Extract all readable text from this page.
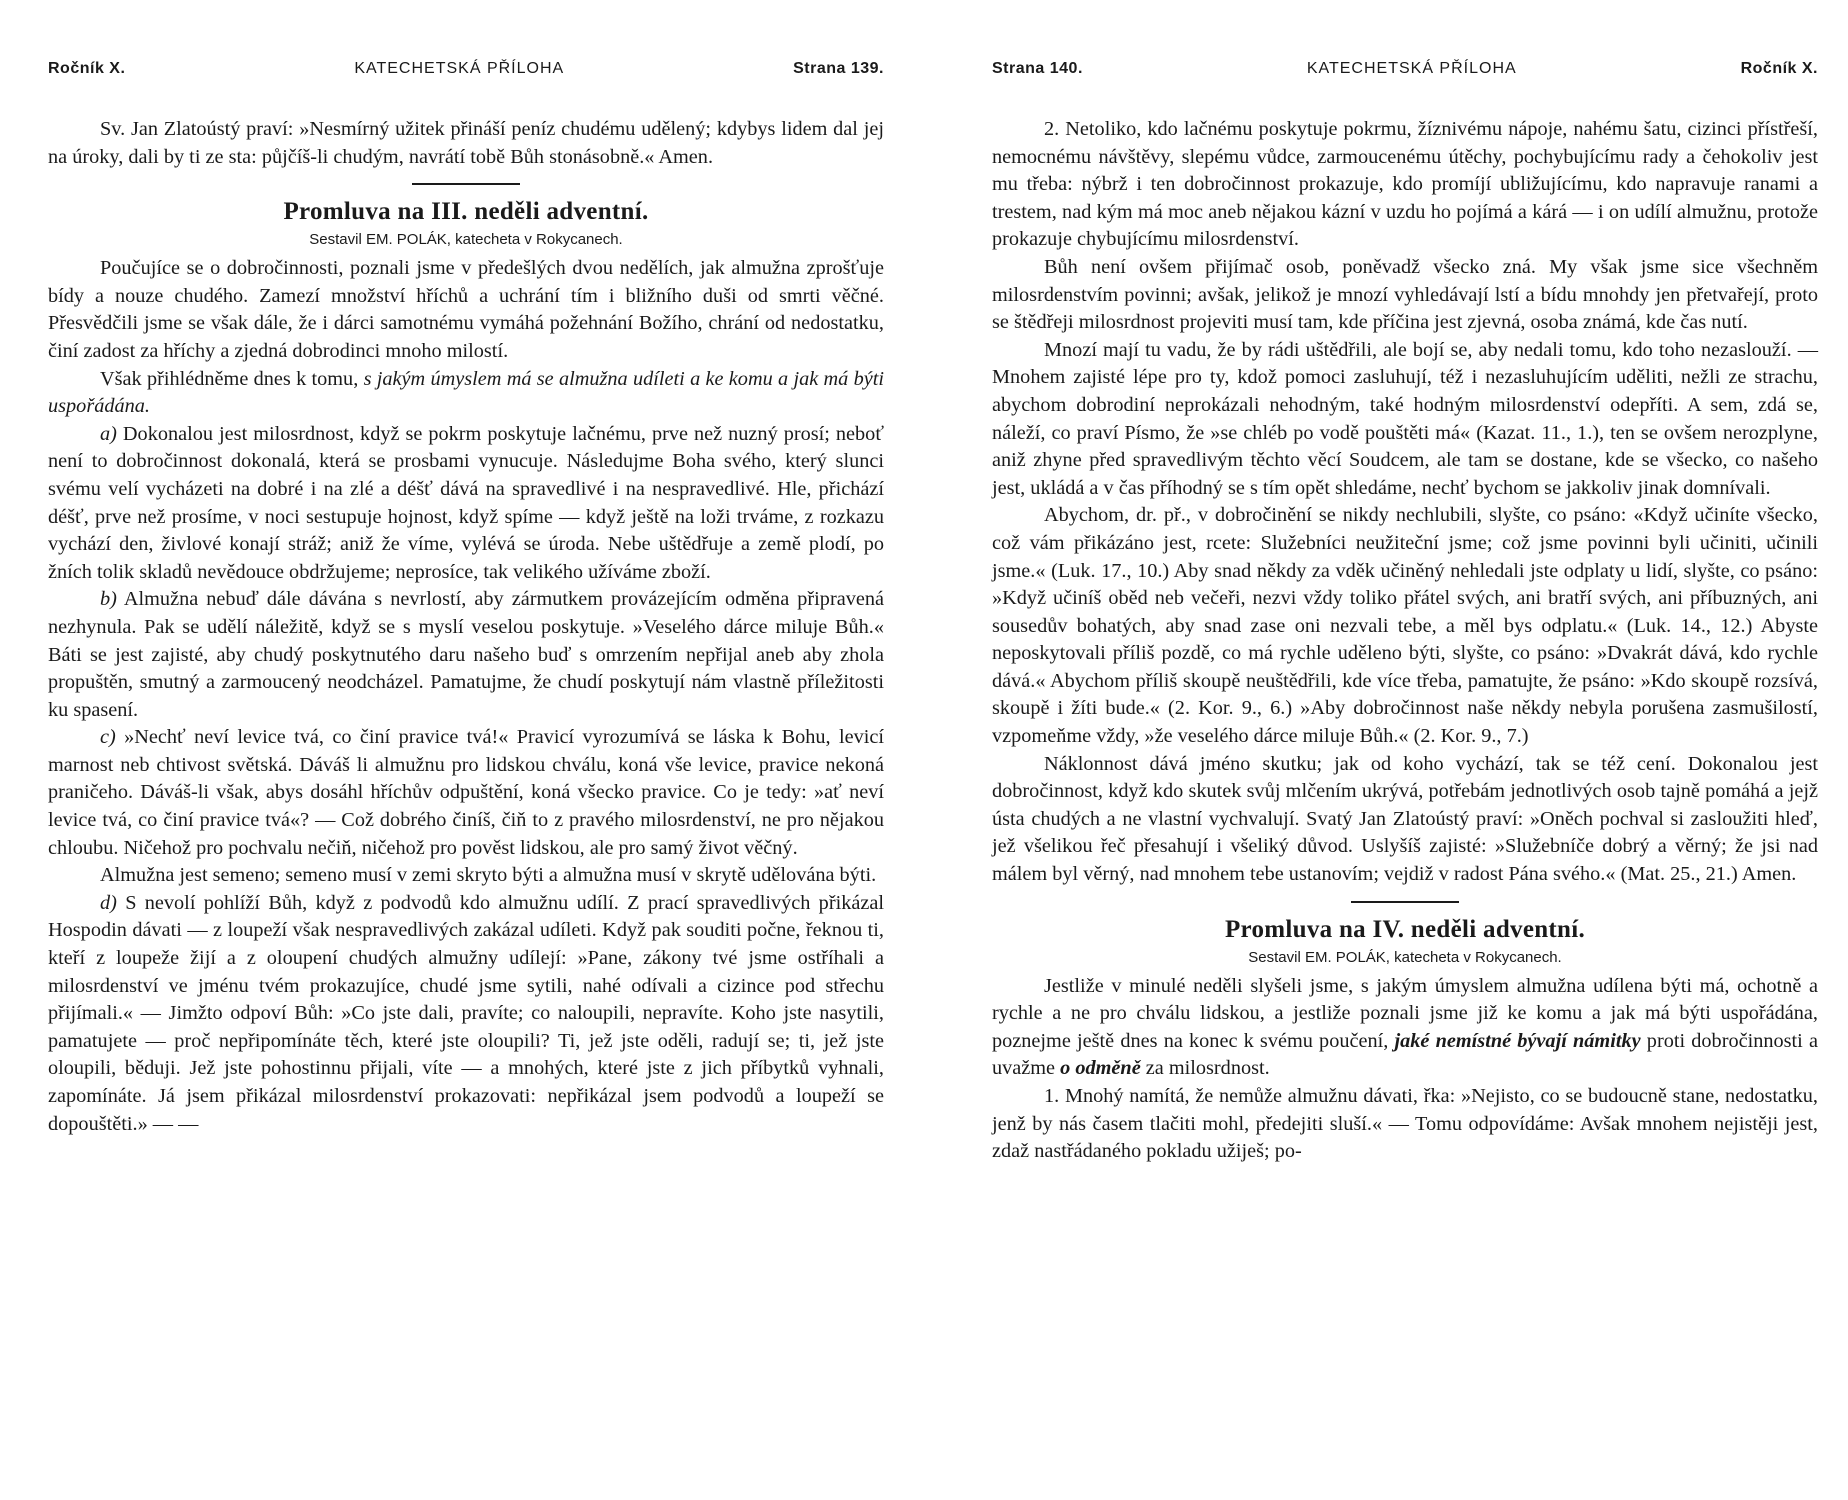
Ročník X.	KATECHETSKÁ PŘÍLOHA	Strana 139.

Sv. Jan Zlatoústý praví: »Nesmírný užitek přináší peníz chudému udělený; kdybys lidem dal jej na úroky, dali by ti ze sta: půjčíš-li chudým, navrátí tobě Bůh stonásobně.« Amen.

Promluva na III. neděli adventní.
Sestavil EM. POLÁK, katecheta v Rokycanech.

Poučujíce se o dobročinnosti, poznali jsme v předešlých dvou nedělích, jak almužna zprošťuje bídy a nouze chudého. Zamezí množství hříchů a uchrání tím i bližního duši od smrti věčné. Přesvědčili jsme se však dále, že i dárci samotnému vymáhá požehnání Božího, chrání od nedostatku, činí zadost za hříchy a zjedná dobrodinci mnoho milostí.

Však přihlédněme dnes k tomu, s jakým úmyslem má se almužna udíleti a ke komu a jak má býti uspořádána.

a) Dokonalou jest milosrdnost, když se pokrm poskytuje lačnému, prve než nuzný prosí; neboť není to dobročinnost dokonalá, která se prosbami vynucuje. Následujme Boha svého, který slunci svému velí vycházeti na dobré i na zlé a déšť dává na spravedlivé i na nespravedlivé. Hle, přichází déšť, prve než prosíme, v noci sestupuje hojnost, když spíme — když ještě na loži trváme, z rozkazu vychází den, živlové konají stráž; aniž že víme, vylévá se úroda. Nebe uštědřuje a země plodí, po žních tolik skladů nevědouce obdržujeme; neprosíce, tak velikého užíváme zboží.

b) Almužna nebuď dále dávána s nevrlostí, aby zármutkem provázejícím odměna připravená nezhynula. Pak se udělí náležitě, když se s myslí veselou poskytuje. »Veselého dárce miluje Bůh.« Báti se jest zajisté, aby chudý poskytnutého daru našeho buď s omrzením nepřijal aneb aby zhola propuštěn, smutný a zarmoucený neodcházel. Pamatujme, že chudí poskytují nám vlastně příležitosti ku spasení.

c) »Nechť neví levice tvá, co činí pravice tvá!« Pravicí vyrozumívá se láska k Bohu, levicí marnost neb chtivost světská. Dáváš li almužnu pro lidskou chválu, koná vše levice, pravice nekoná praničeho. Dáváš-li však, abys dosáhl hříchův odpuštění, koná všecko pravice. Co je tedy: »ať neví levice tvá, co činí pravice tvá«? — Což dobrého činíš, čiň to z pravého milosrdenství, ne pro nějakou chloubu. Ničehož pro pochvalu nečiň, ničehož pro pověst lidskou, ale pro samý život věčný.

Almužna jest semeno; semeno musí v zemi skryto býti a almužna musí v skrytě udělována býti.

d) S nevolí pohlíží Bůh, když z podvodů kdo almužnu udílí. Z prací spravedlivých přikázal Hospodin dávati — z loupeží však nespravedlivých zakázal udíleti. Když pak souditi počne, řeknou ti, kteří z loupeže žijí a z oloupení chudých almužny udílejí: »Pane, zákony tvé jsme ostříhali a milosrdenství ve jménu tvém prokazujíce, chudé jsme sytili, nahé odívali a cizince pod střechu přijímali.« — Jimžto odpoví Bůh: »Co jste dali, pravíte; co naloupili, nepravíte. Koho jste nasytili, pamatujete — proč nepřipomínáte těch, které jste oloupili? Ti, jež jste oděli, radují se; ti, jež jste oloupili, běduji. Jež jste pohostinnu přijali, víte — a mnohých, které jste z jich příbytků vyhnali, zapomínáte. Já jsem přikázal milosrdenství prokazovati: nepřikázal jsem podvodů a loupeží se dopouštěti.» — —

Strana 140.	KATECHETSKÁ PŘÍLOHA	Ročník X.

2. Netoliko, kdo lačnému poskytuje pokrmu, žíznivému nápoje, nahému šatu, cizinci přístřeší, nemocnému návštěvy, slepému vůdce, zarmoucenému útěchy, pochybujícímu rady a čehokoliv jest mu třeba: nýbrž i ten dobročinnost prokazuje, kdo promíjí ubližujícímu, kdo napravuje ranami a trestem, nad kým má moc aneb nějakou kázní v uzdu ho pojímá a kárá — i on udílí almužnu, protože prokazuje chybujícímu milosrdenství.

Bůh není ovšem přijímač osob, poněvadž všecko zná. My však jsme sice všechněm milosrdenstvím povinni; avšak, jelikož je mnozí vyhledávají lstí a bídu mnohdy jen přetvařejí, proto se štědřeji milosrdnost projeviti musí tam, kde příčina jest zjevná, osoba známá, kde čas nutí.

Mnozí mají tu vadu, že by rádi uštědřili, ale bojí se, aby nedali tomu, kdo toho nezaslouží. — Mnohem zajisté lépe pro ty, kdož pomoci zasluhují, též i nezasluhujícím uděliti, nežli ze strachu, abychom dobrodiní neprokázali nehodným, také hodným milosrdenství odepříti. A sem, zdá se, náleží, co praví Písmo, že »se chléb po vodě pouštěti má« (Kazat. 11., 1.), ten se ovšem nerozplyne, aniž zhyne před spravedlivým těchto věcí Soudcem, ale tam se dostane, kde se všecko, co našeho jest, ukládá a v čas příhodný se s tím opět shledáme, nechť bychom se jakkoliv jinak domnívali.

Abychom, dr. př., v dobročinění se nikdy nechlubili, slyšte, co psáno: «Když učiníte všecko, což vám přikázáno jest, rcete: Služebníci neužiteční jsme; což jsme povinni byli učiniti, učinili jsme.« (Luk. 17., 10.) Aby snad někdy za vděk učiněný nehledali jste odplaty u lidí, slyšte, co psáno: »Když učiníš oběd neb večeři, nezvi vždy toliko přátel svých, ani bratří svých, ani příbuzných, ani sousedův bohatých, aby snad zase oni nezvali tebe, a měl bys odplatu.« (Luk. 14., 12.) Abyste neposkytovali příliš pozdě, co má rychle uděleno býti, slyšte, co psáno: »Dvakrát dává, kdo rychle dává.« Abychom příliš skoupě neuštědřili, kde více třeba, pamatujte, že psáno: »Kdo skoupě rozsívá, skoupě i žíti bude.« (2. Kor. 9., 6.) »Aby dobročinnost naše někdy nebyla porušena zasmušilostí, vzpomeňme vždy, »že veselého dárce miluje Bůh.« (2. Kor. 9., 7.)

Náklonnost dává jméno skutku; jak od koho vychází, tak se též cení. Dokonalou jest dobročinnost, když kdo skutek svůj mlčením ukrývá, potřebám jednotlivých osob tajně pomáhá a jejž ústa chudých a ne vlastní vychvalují. Svatý Jan Zlatoústý praví: »Oněch pochval si zasloužiti hleď, jež všelikou řeč přesahují i všeliký důvod. Uslyšíš zajisté: »Služebníče dobrý a věrný; že jsi nad málem byl věrný, nad mnohem tebe ustanovím; vejdiž v radost Pána svého.« (Mat. 25., 21.) Amen.

Promluva na IV. neděli adventní.
Sestavil EM. POLÁK, katecheta v Rokycanech.

Jestliže v minulé neděli slyšeli jsme, s jakým úmyslem almužna udílena býti má, ochotně a rychle a ne pro chválu lidskou, a jestliže poznali jsme již ke komu a jak má býti uspořádána, poznejme ještě dnes na konec k svému poučení, jaké nemístné bývají námitky proti dobročinnosti a uvažme o odměně za milosrdnost.

1. Mnohý namítá, že nemůže almužnu dávati, řka: »Nejisto, co se budoucně stane, nedostatku, jenž by nás časem tlačiti mohl, předejiti sluší.« — Tomu odpovídáme: Avšak mnohem nejistěji jest, zdaž nastřádaného pokladu užiješ; po-
